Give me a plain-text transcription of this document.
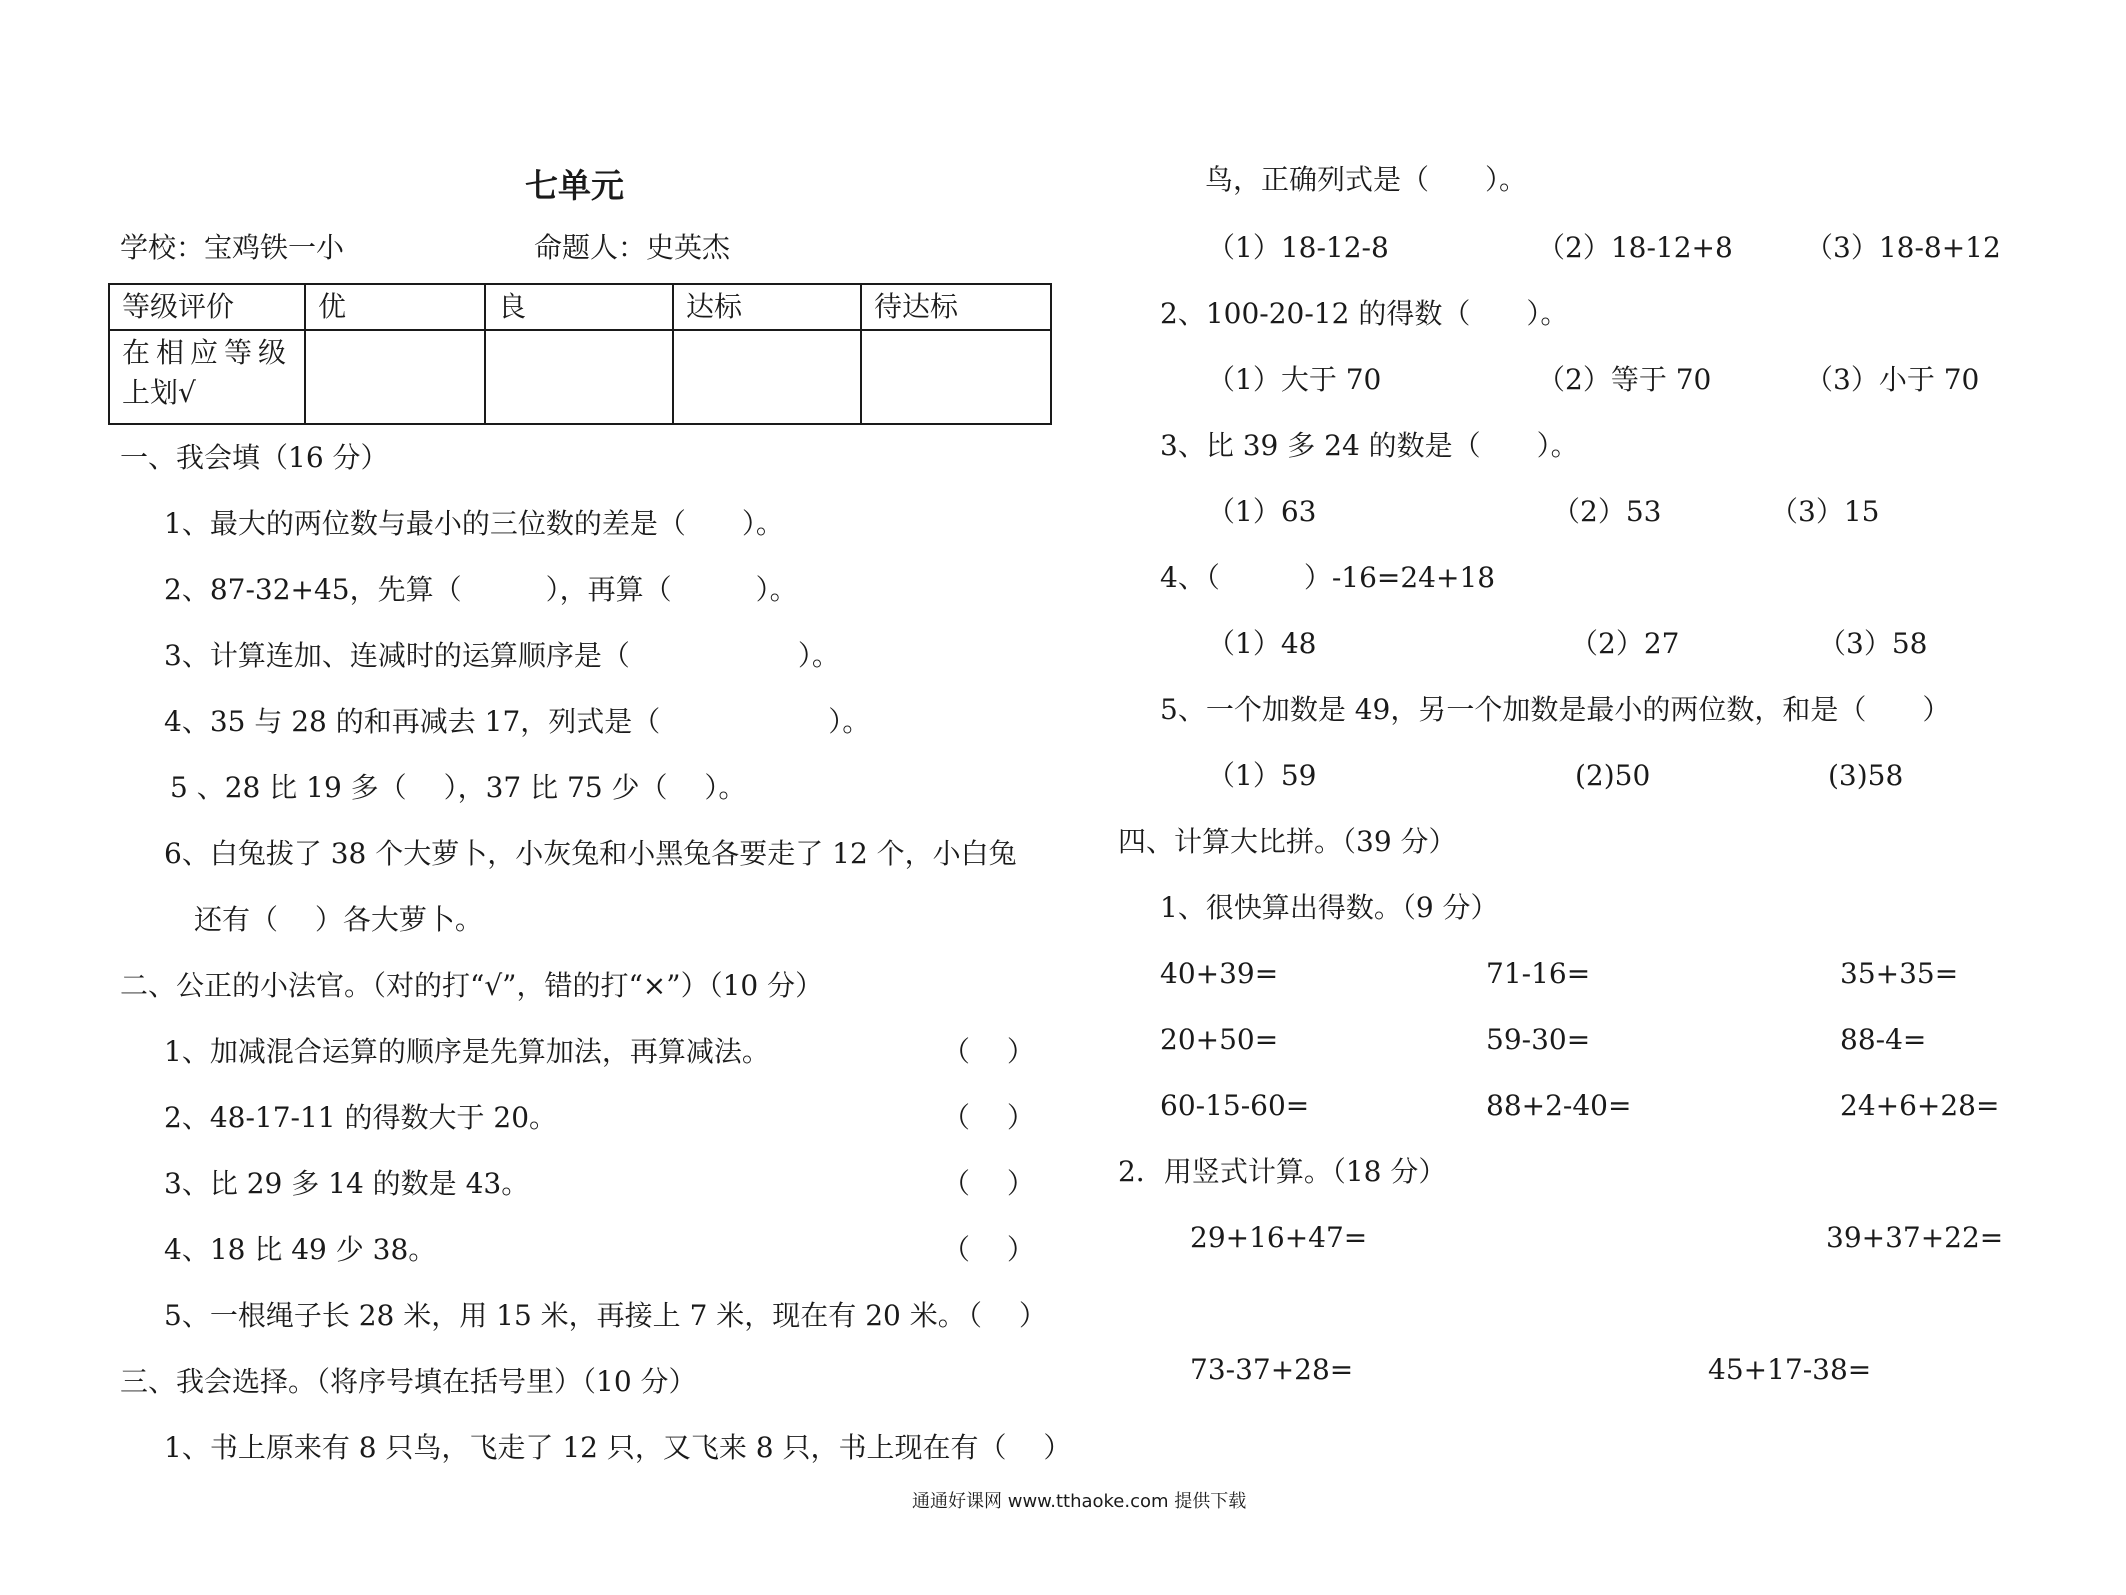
七单元
学校：宝鸡铁一小	命题人：史英杰
等级评价	优	良	达标	待达标

在相应等级
上划√				

一、我会填（16 分）
1、最大的两位数与最小的三位数的差是（　　）。
2、87-32+45，先算（　　　），再算（　　　）。
3、计算连加、连减时的运算顺序是（　　　　　　）。
4、35 与 28 的和再减去 17，列式是（　　　　　　）。
5 、28 比 19 多（　 ），37 比 75 少（　 ）。
6、白兔拔了 38 个大萝卜，小灰兔和小黑兔各要走了 12 个，小白兔
还有（　 ）各大萝卜。
二、公正的小法官。（对的打“√”，错的打“×”）（10 分）
1、加减混合运算的顺序是先算加法，再算减法。	（　 ）
2、48-17-11 的得数大于 20。	（　 ）
3、比 29 多 14 的数是 43。	（　 ）
4、18 比 49 少 38。	（　 ）
5、一根绳子长 28 米，用 15 米，再接上 7 米，现在有 20 米。
（　 ）
三、我会选择。（将序号填在括号里）（10 分）
1、书上原来有 8 只鸟，飞走了 12 只，又飞来 8 只，书上现在有（　 ）
鸟，正确列式是（　　）。
（1）18-12-8	（2）18-12+8	（3）18-8+12
2、100-20-12 的得数（　　）。
（1）大于 70	（2）等于 70	（3）小于 70
3、比 39 多 24 的数是（　　）。
（1）63	（2）53	（3）15
4、（　　　）-16=24+18
（1）48	（2）27	（3）58
5、一个加数是 49，另一个加数是最小的两位数，和是（　　）
（1）59	(2)50	(3)58
四、计算大比拼。（39 分）
1、很快算出得数。（9 分）
40+39=	71-16=	35+35=
20+50=	59-30=	88-4=
60-15-60=	88+2-40=	24+6+28=
2．用竖式计算。（18 分）
29+16+47=	39+37+22=
73-37+28=	45+17-38=
通通好课网 www.tthaoke.com 提供下载
